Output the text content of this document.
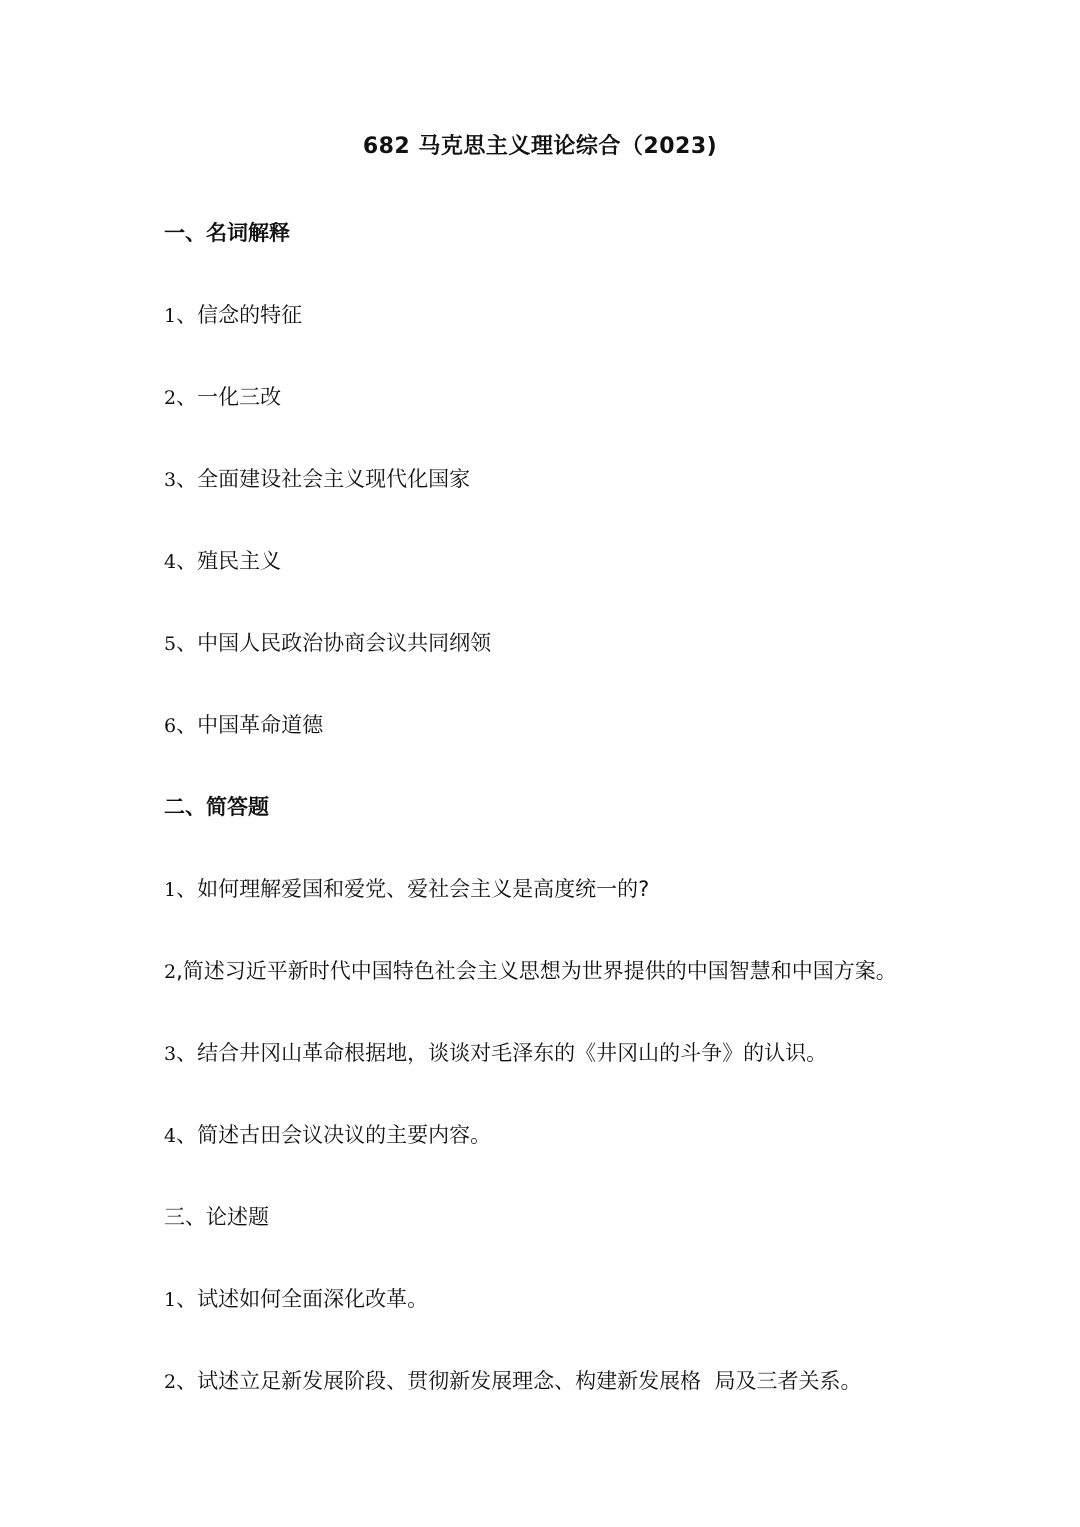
682 马克思主义理论综合（2023)
一、名词解释
1、信念的特征
2、一化三改
3、全面建设社会主义现代化国家
4、殖民主义
5、中国人民政治协商会议共同纲领
6、中国革命道德
二、简答题
1、如何理解爱国和爱党、爱社会主义是高度统一的?
2,简述习近平新时代中国特色社会主义思想为世界提供的中国智慧和中国方案。
3、结合井冈山革命根据地，谈谈对毛泽东的《井冈山的斗争》的认识。
4、简述古田会议决议的主要内容。
三、论述题
1、试述如何全面深化改革。
2、试述立足新发展阶段、贯彻新发展理念、构建新发展格  局及三者关系。
